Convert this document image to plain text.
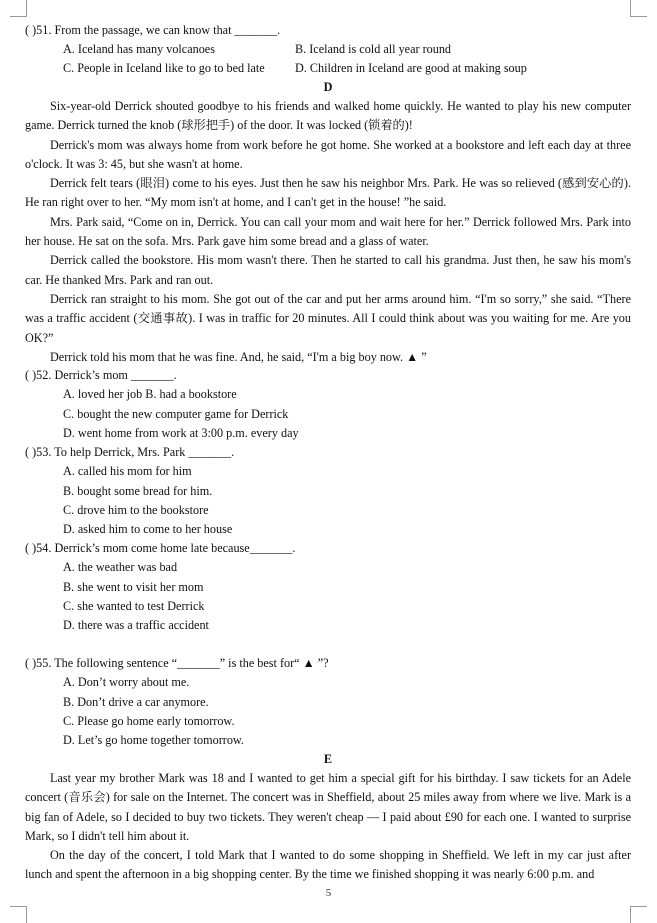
( )51. From the passage, we can know that _______.
A. Iceland has many volcanoes	B. Iceland is cold all year round
C. People in Iceland like to go to bed late D. Children in Iceland are good at making soup
D

Six-year-old Derrick shouted goodbye to his friends and walked home quickly. He wanted to play his new computer game. Derrick turned the knob (球形把手) of the door. It was locked (锁着的)!

Derrick's mom was always home from work before he got home. She worked at a bookstore and left each day at three o'clock. It was 3: 45, but she wasn't at home.

Derrick felt tears (眼泪) come to his eyes. Just then he saw his neighbor Mrs. Park. He was so relieved (感到安心的). He ran right over to her. “My mom isn't at home, and I can't get in the house! ”he said.

Mrs. Park said, “Come on in, Derrick. You can call your mom and wait here for her.” Derrick followed Mrs. Park into her house. He sat on the sofa. Mrs. Park gave him some bread and a glass of water.

Derrick called the bookstore. His mom wasn't there. Then he started to call his grandma. Just then, he saw his mom's car. He thanked Mrs. Park and ran out.

Derrick ran straight to his mom. She got out of the car and put her arms around him. “I'm so sorry,” she said. “There was a traffic accident (交通事故). I was in traffic for 20 minutes. All I could think about was you waiting for me. Are you OK?”

Derrick told his mom that he was fine. And, he said, “I'm a big boy now. ▲ ”

( )52. Derrick’s mom _______.
A. loved her job B. had a bookstore
C. bought the new computer game for Derrick
D. went home from work at 3:00 p.m. every day
( )53. To help Derrick, Mrs. Park _______.
A. called his mom for him
B. bought some bread for him.
C. drove him to the bookstore
D. asked him to come to her house
( )54. Derrick’s mom come home late because_______.
A. the weather was bad
B. she went to visit her mom
C. she wanted to test Derrick
D. there was a traffic accident
( )55. The following sentence “_______” is the best for“ ▲ ”?
A. Don’t worry about me.
B. Don’t drive a car anymore.
C. Please go home early tomorrow.
D. Let’s go home together tomorrow.
E

Last year my brother Mark was 18 and I wanted to get him a special gift for his birthday. I saw tickets for an Adele concert (音乐会) for sale on the Internet. The concert was in Sheffield, about 25 miles away from where we live. Mark is a big fan of Adele, so I decided to buy two tickets. They weren't cheap — I paid about £90 for each one. I wanted to surprise Mark, so I didn't tell him about it.

On the day of the concert, I told Mark that I wanted to do some shopping in Sheffield. We left in my car just after lunch and spent the afternoon in a big shopping center. By the time we finished shopping it was nearly 6:00 p.m. and

5
